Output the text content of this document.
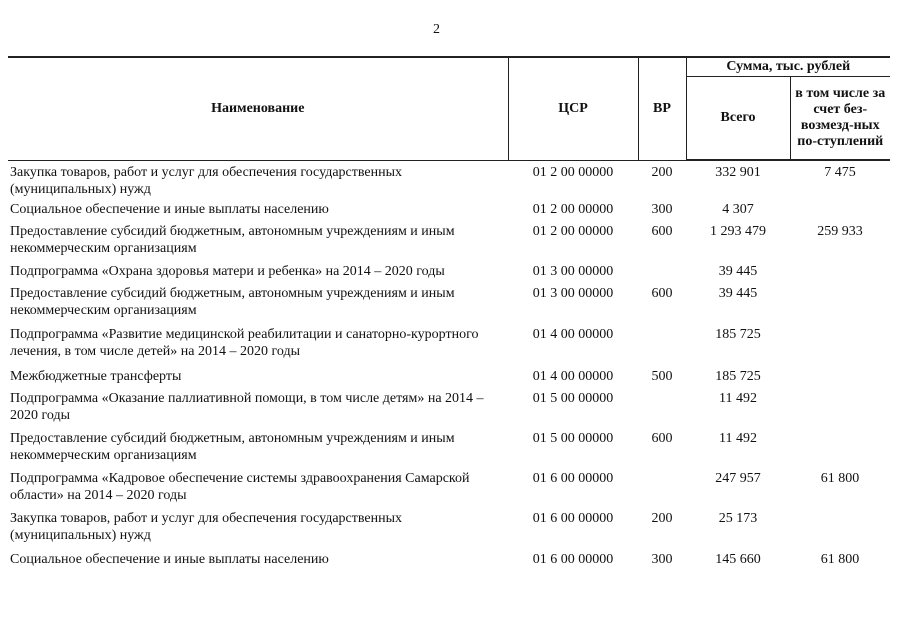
2
Наименование	ЦСР	ВР	Сумма, тыс. рублей	
			Всего	в том числе за счет без-возмезд-ных по-ступлений
Закупка товаров, работ и услуг для обеспечения государственных (муниципальных) нужд	01 2 00 00000	200	332 901	7 475
Социальное обеспечение и иные выплаты населению	01 2 00 00000	300	4 307	
Предоставление субсидий бюджетным, автономным учреждениям и иным некоммерческим организациям	01 2 00 00000	600	1 293 479	259 933
Подпрограмма «Охрана здоровья матери и ребенка» на 2014 – 2020 годы	01 3 00 00000		39 445	
Предоставление субсидий бюджетным, автономным учреждениям и иным некоммерческим организациям	01 3 00 00000	600	39 445	
Подпрограмма «Развитие медицинской реабилитации и санаторно-курортного лечения, в том числе детей» на 2014 – 2020 годы	01 4 00 00000		185 725	
Межбюджетные трансферты	01 4 00 00000	500	185 725	
Подпрограмма «Оказание паллиативной помощи, в том числе детям» на 2014 – 2020 годы	01 5 00 00000		11 492	
Предоставление субсидий бюджетным, автономным учреждениям и иным некоммерческим организациям	01 5 00 00000	600	11 492	
Подпрограмма «Кадровое обеспечение системы здравоохранения Самарской области» на 2014 – 2020 годы	01 6 00 00000		247 957	61 800
Закупка товаров, работ и услуг для обеспечения государственных (муниципальных) нужд	01 6 00 00000	200	25 173	
Социальное обеспечение и иные выплаты населению	01 6 00 00000	300	145 660	61 800
